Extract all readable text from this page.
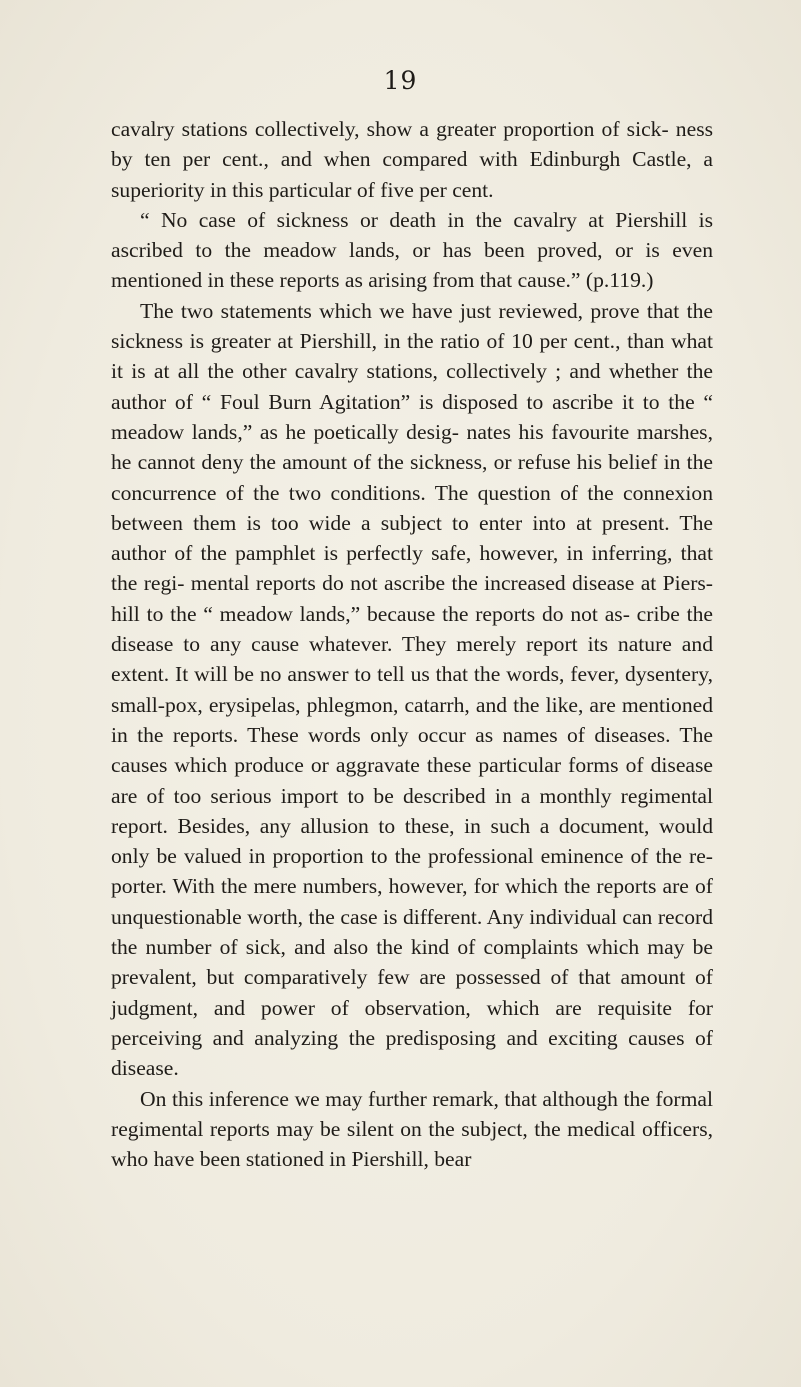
19

cavalry stations collectively, show a greater proportion of sick- ness by ten per cent., and when compared with Edinburgh Castle, a superiority in this particular of five per cent.

“ No case of sickness or death in the cavalry at Piershill is ascribed to the meadow lands, or has been proved, or is even mentioned in these reports as arising from that cause.” (p.119.)

The two statements which we have just reviewed, prove that the sickness is greater at Piershill, in the ratio of 10 per cent., than what it is at all the other cavalry stations, collectively ; and whether the author of “ Foul Burn Agitation” is disposed to ascribe it to the “ meadow lands,” as he poetically desig- nates his favourite marshes, he cannot deny the amount of the sickness, or refuse his belief in the concurrence of the two conditions. The question of the connexion between them is too wide a subject to enter into at present. The author of the pamphlet is perfectly safe, however, in inferring, that the regi- mental reports do not ascribe the increased disease at Piers- hill to the “ meadow lands,” because the reports do not as- cribe the disease to any cause whatever. They merely report its nature and extent. It will be no answer to tell us that the words, fever, dysentery, small-pox, erysipelas, phlegmon, catarrh, and the like, are mentioned in the reports. These words only occur as names of diseases. The causes which produce or aggravate these particular forms of disease are of too serious import to be described in a monthly regimental report. Besides, any allusion to these, in such a document, would only be valued in proportion to the professional eminence of the re- porter. With the mere numbers, however, for which the reports are of unquestionable worth, the case is different. Any individual can record the number of sick, and also the kind of complaints which may be prevalent, but comparatively few are possessed of that amount of judgment, and power of observation, which are requisite for perceiving and analyzing the predisposing and exciting causes of disease.

On this inference we may further remark, that although the formal regimental reports may be silent on the subject, the medical officers, who have been stationed in Piershill, bear
